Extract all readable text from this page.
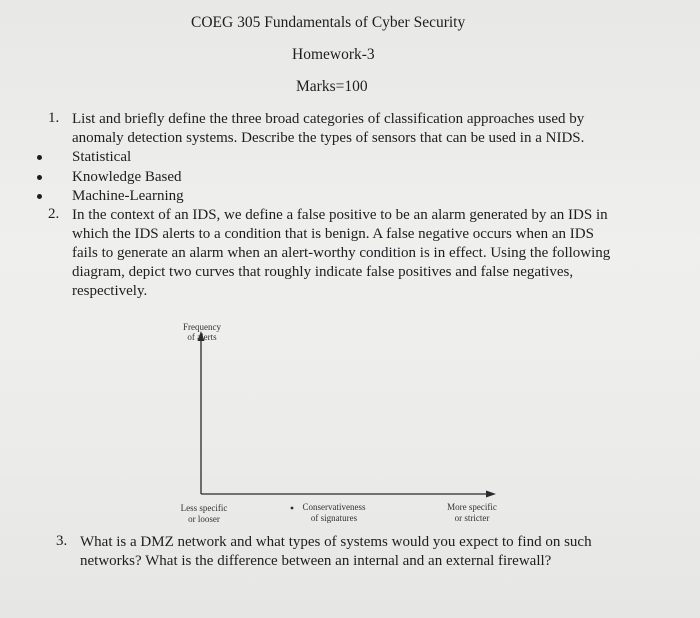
COEG 305 Fundamentals of Cyber Security
Homework-3
Marks=100
1. List and briefly define the three broad categories of classification approaches used by
anomaly detection systems. Describe the types of sensors that can be used in a NIDS.
Statistical
Knowledge Based
Machine-Learning
2. In the context of an IDS, we define a false positive to be an alarm generated by an IDS in
which the IDS alerts to a condition that is benign. A false negative occurs when an IDS
fails to generate an alarm when an alert-worthy condition is in effect. Using the following
diagram, depict two curves that roughly indicate false positives and false negatives,
respectively.
Frequency
of alerts
Less specific
or looser
Conservativeness
of signatures
More specific
or stricter
3. What is a DMZ network and what types of systems would you expect to find on such
networks? What is the difference between an internal and an external firewall?
